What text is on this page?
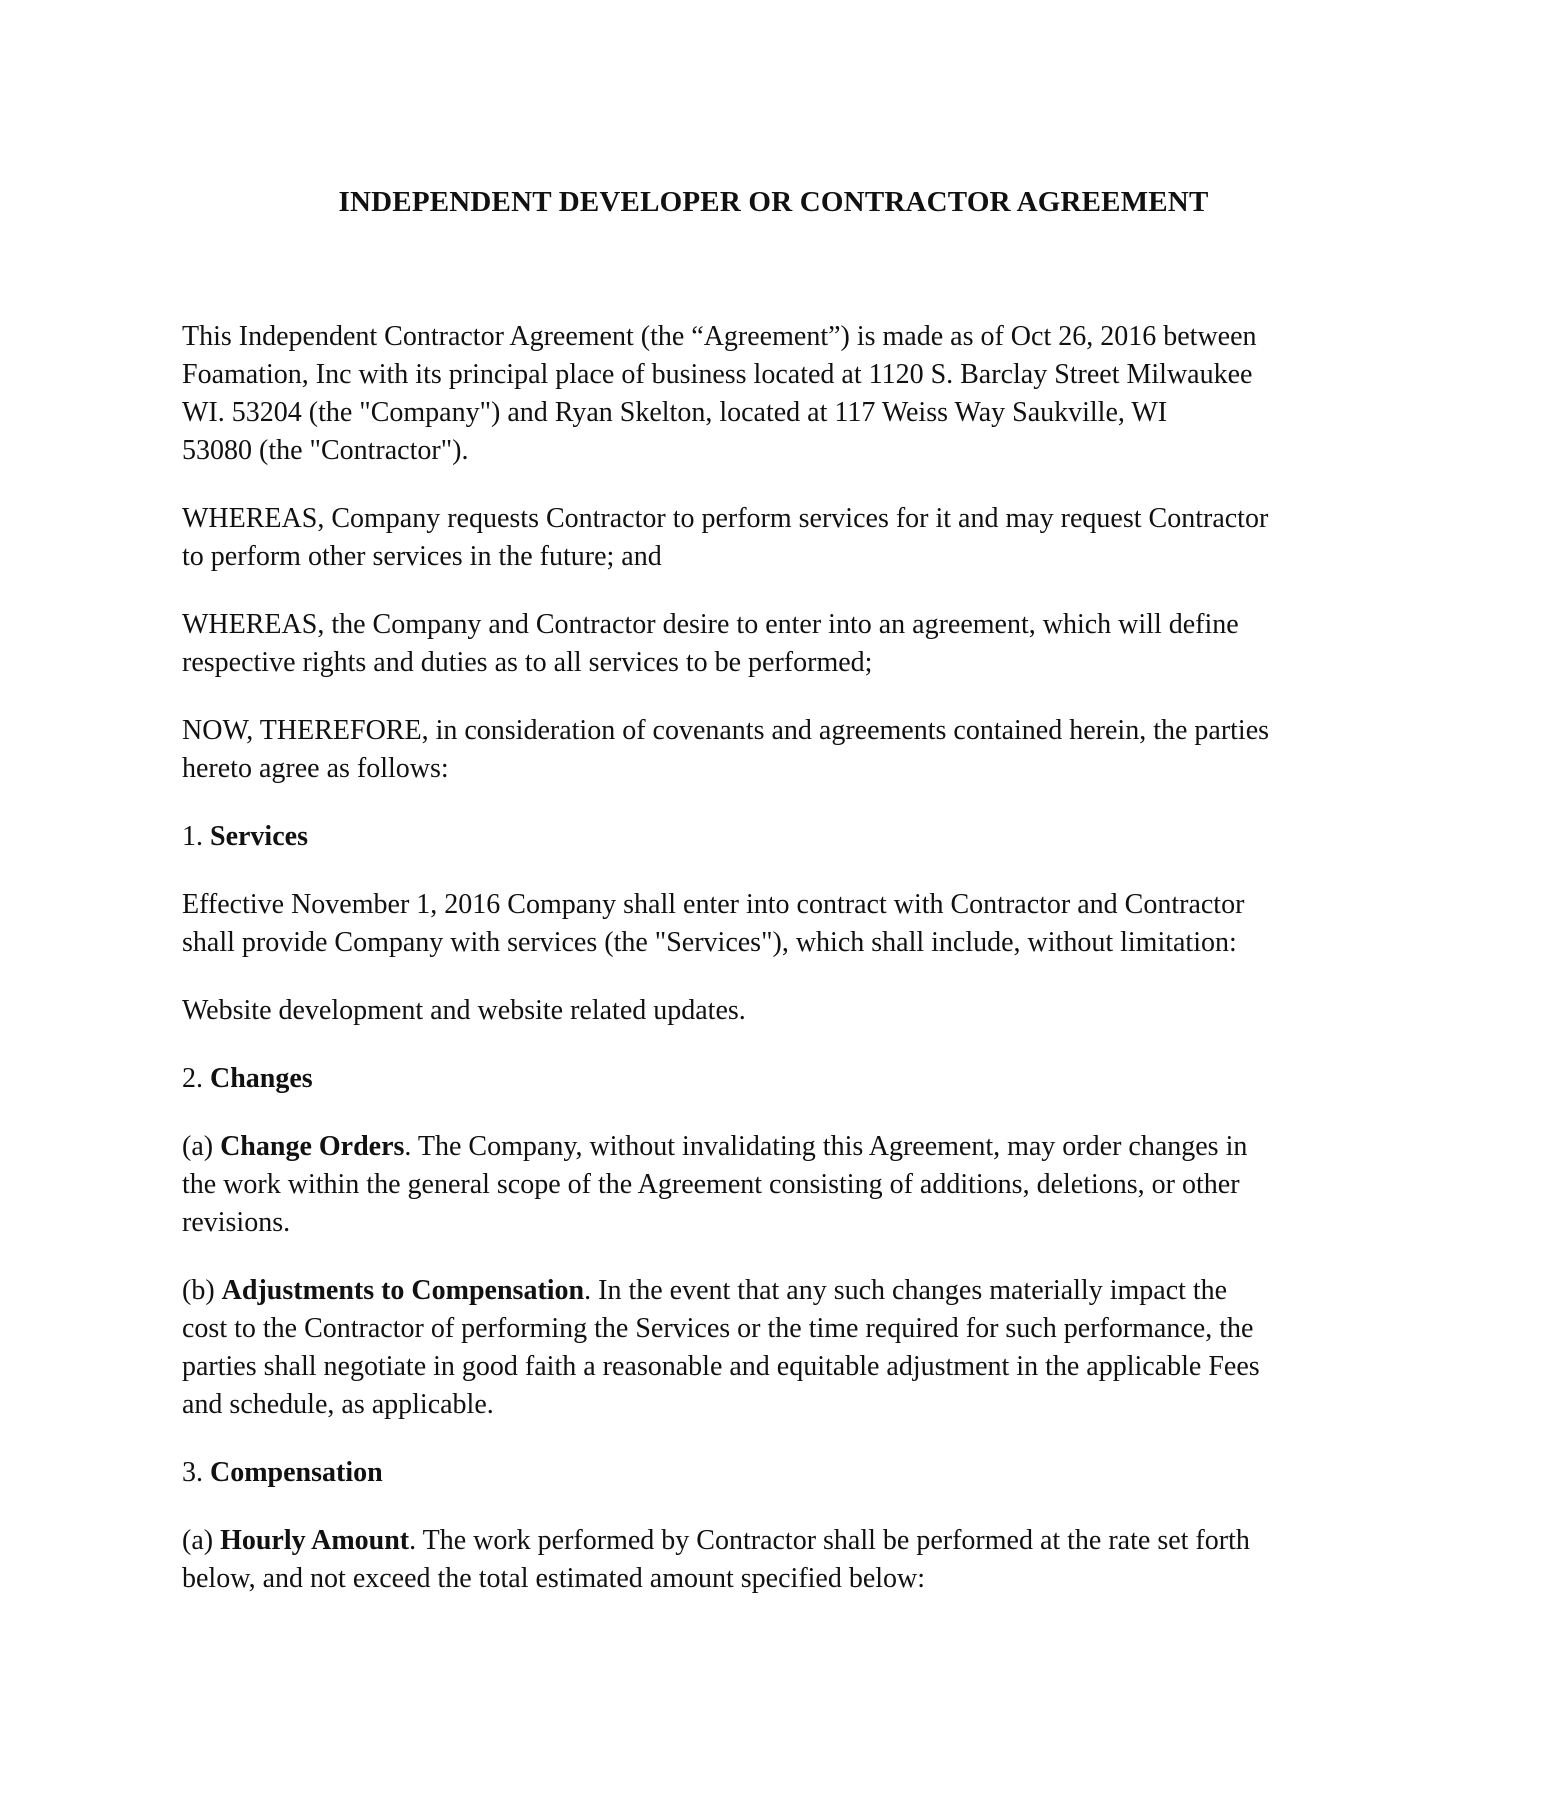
INDEPENDENT DEVELOPER OR CONTRACTOR AGREEMENT

This Independent Contractor Agreement (the “Agreement”) is made as of Oct 26, 2016 between
Foamation, Inc with its principal place of business located at 1120 S. Barclay Street Milwaukee
WI. 53204 (the "Company") and Ryan Skelton, located at 117 Weiss Way Saukville, WI
53080 (the "Contractor").

WHEREAS, Company requests Contractor to perform services for it and may request Contractor
to perform other services in the future; and

WHEREAS, the Company and Contractor desire to enter into an agreement, which will define
respective rights and duties as to all services to be performed;

NOW, THEREFORE, in consideration of covenants and agreements contained herein, the parties
hereto agree as follows:

1. Services

Effective November 1, 2016 Company shall enter into contract with Contractor and Contractor
shall provide Company with services (the "Services"), which shall include, without limitation:

Website development and website related updates.

2. Changes

(a) Change Orders. The Company, without invalidating this Agreement, may order changes in
the work within the general scope of the Agreement consisting of additions, deletions, or other
revisions.

(b) Adjustments to Compensation. In the event that any such changes materially impact the
cost to the Contractor of performing the Services or the time required for such performance, the
parties shall negotiate in good faith a reasonable and equitable adjustment in the applicable Fees
and schedule, as applicable.

3. Compensation

(a) Hourly Amount. The work performed by Contractor shall be performed at the rate set forth
below, and not exceed the total estimated amount specified below:
